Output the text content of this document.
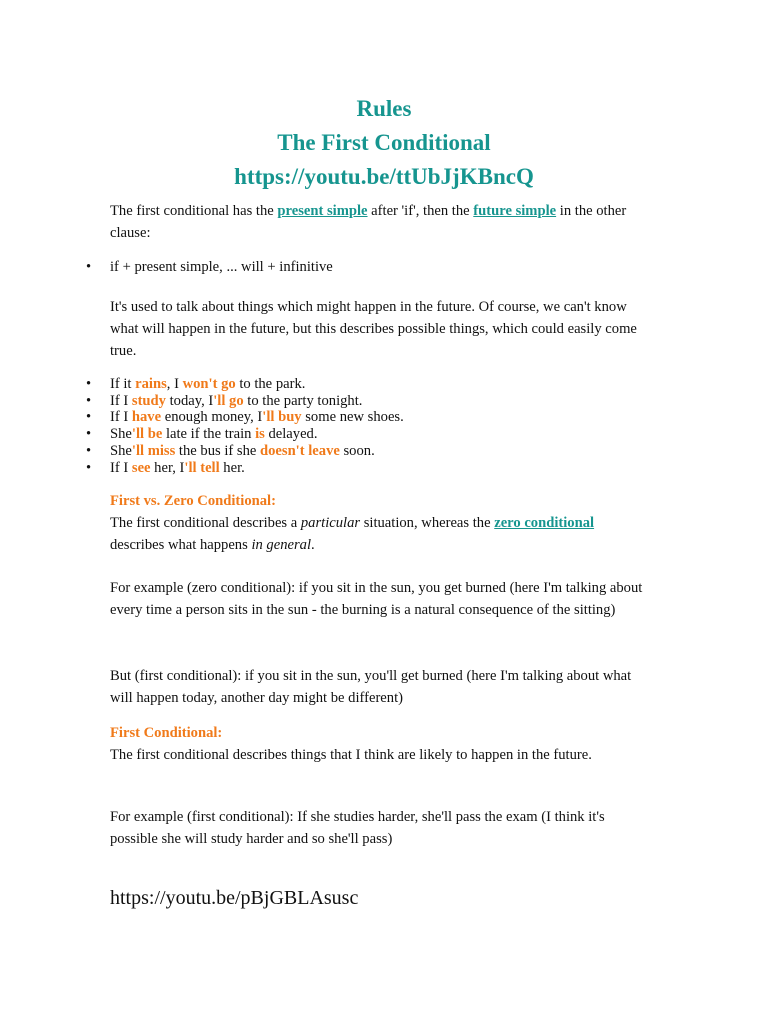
Rules
The First Conditional
https://youtu.be/ttUbJjKBncQ
The first conditional has the present simple after 'if', then the future simple in the other clause:
• if + present simple, ... will + infinitive
It's used to talk about things which might happen in the future. Of course, we can't know what will happen in the future, but this describes possible things, which could easily come true.
• If it rains, I won't go to the park.
• If I study today, I'll go to the party tonight.
• If I have enough money, I'll buy some new shoes.
• She'll be late if the train is delayed.
• She'll miss the bus if she doesn't leave soon.
• If I see her, I'll tell her.
First vs. Zero Conditional:
The first conditional describes a particular situation, whereas the zero conditional describes what happens in general.
For example (zero conditional): if you sit in the sun, you get burned (here I'm talking about every time a person sits in the sun - the burning is a natural consequence of the sitting)
But (first conditional): if you sit in the sun, you'll get burned (here I'm talking about what will happen today, another day might be different)
First Conditional:
The first conditional describes things that I think are likely to happen in the future.
For example (first conditional): If she studies harder, she'll pass the exam (I think it's possible she will study harder and so she'll pass)
https://youtu.be/pBjGBLAsusc
